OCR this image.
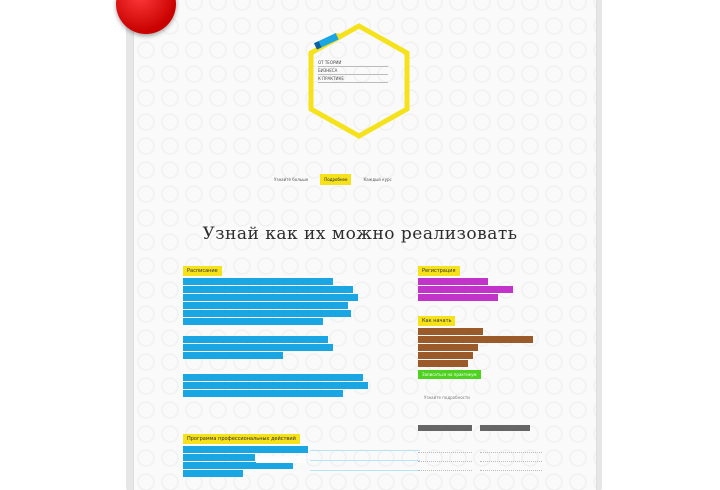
ОТ ТЕОРИИ
БИЗНЕСА
К ПРАКТИКЕ
Узнайте больше	Подробнее	Каждый курс
Узнай как их можно реализовать
Расписание
Программа профессиональных действий
Регистрация
Как начать
Записаться на практикум
Узнайте подробности
